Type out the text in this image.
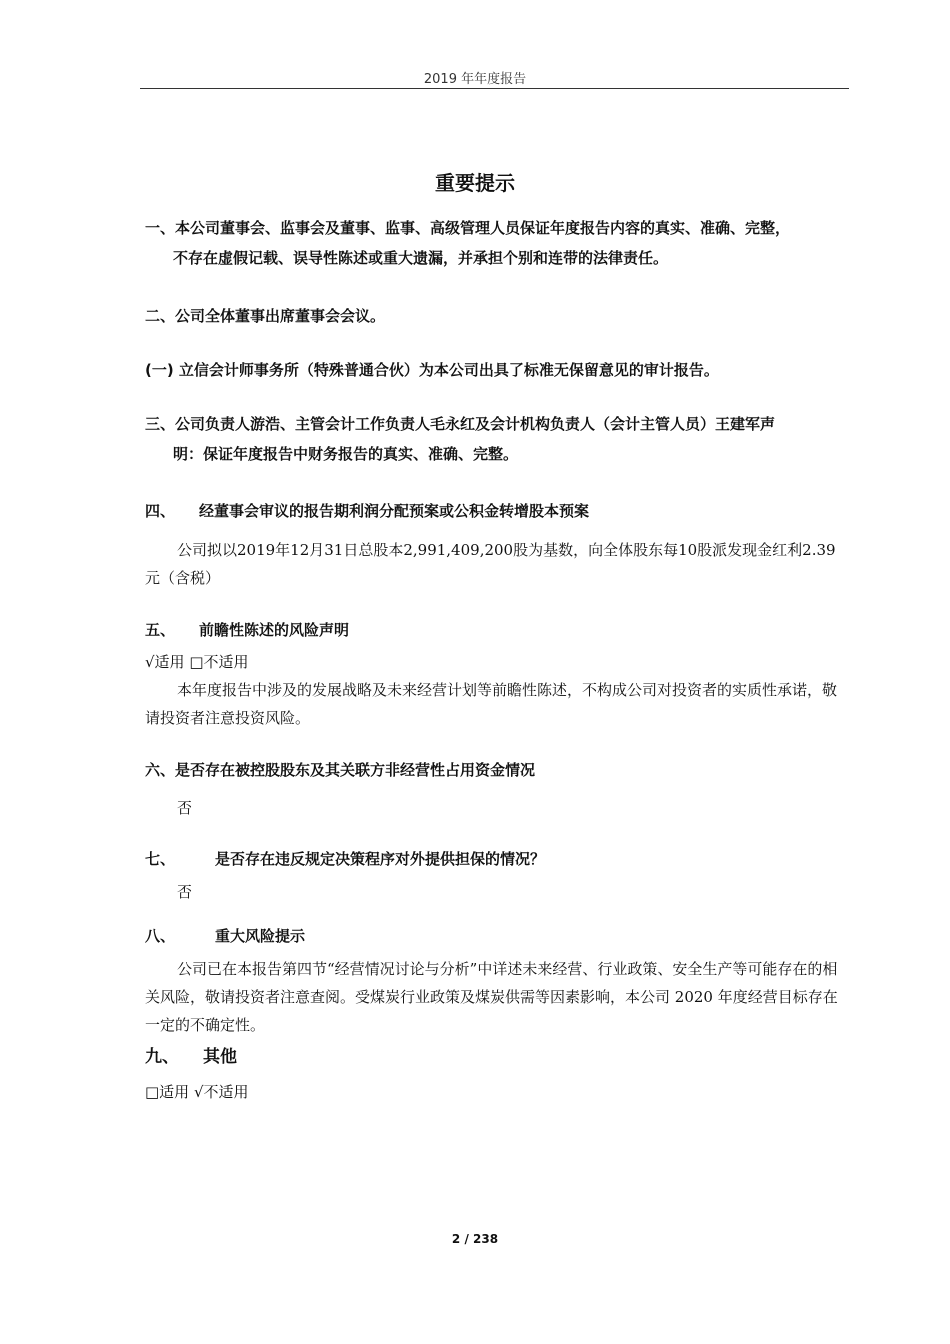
2019 年年度报告
重要提示
一、本公司董事会、监事会及董事、监事、高级管理人员保证年度报告内容的真实、准确、完整，
不存在虚假记载、误导性陈述或重大遗漏，并承担个别和连带的法律责任。
二、公司全体董事出席董事会会议。
(一) 立信会计师事务所（特殊普通合伙）为本公司出具了标准无保留意见的审计报告。
三、公司负责人游浩、主管会计工作负责人毛永红及会计机构负责人（会计主管人员）王建军声
明：保证年度报告中财务报告的真实、准确、完整。
四、 经董事会审议的报告期利润分配预案或公积金转增股本预案
公司拟以2019年12月31日总股本2,991,409,200股为基数，向全体股东每10股派发现金红利2.39元（含税）
五、 前瞻性陈述的风险声明
√适用 □不适用
本年度报告中涉及的发展战略及未来经营计划等前瞻性陈述，不构成公司对投资者的实质性承诺，敬请投资者注意投资风险。
六、是否存在被控股股东及其关联方非经营性占用资金情况
否
七、	是否存在违反规定决策程序对外提供担保的情况？
否
八、	重大风险提示
公司已在本报告第四节“经营情况讨论与分析”中详述未来经营、行业政策、安全生产等可能存在的相关风险，敬请投资者注意查阅。受煤炭行业政策及煤炭供需等因素影响，本公司 2020 年度经营目标存在一定的不确定性。
九、 其他
□适用 √不适用
2 / 238
